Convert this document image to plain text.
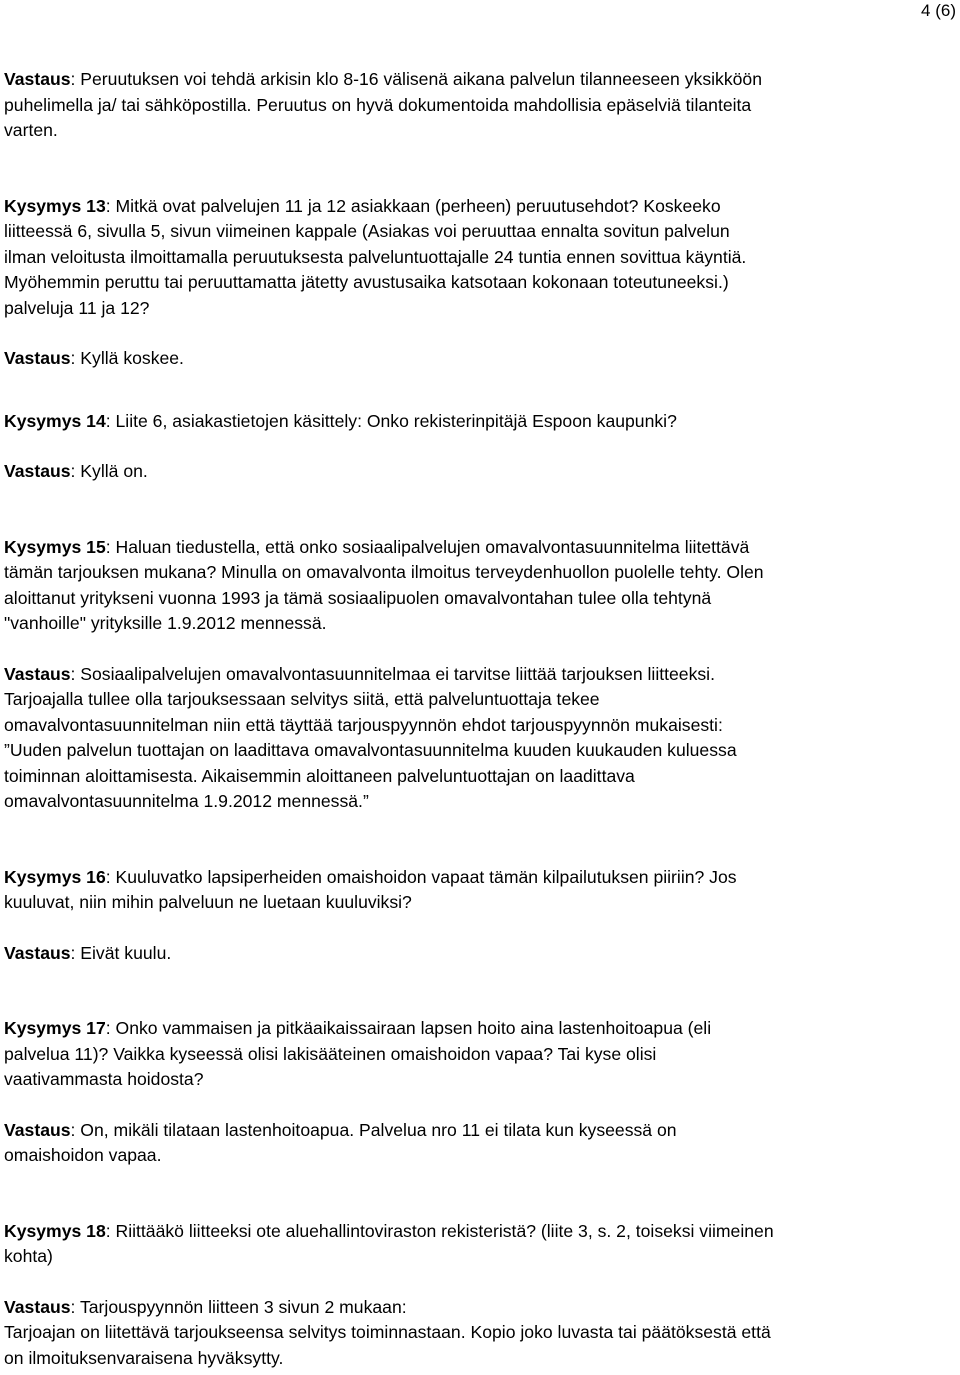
4 (6)
Vastaus: Peruutuksen voi tehdä arkisin klo 8-16 välisenä aikana palvelun tilanneeseen yksikköön
puhelimella ja/ tai sähköpostilla. Peruutus on hyvä dokumentoida mahdollisia epäselviä tilanteita
varten.
Kysymys 13: Mitkä ovat palvelujen 11 ja 12 asiakkaan (perheen) peruutusehdot? Koskeeko
liitteessä 6, sivulla 5, sivun viimeinen kappale (Asiakas voi peruuttaa ennalta sovitun palvelun
ilman veloitusta ilmoittamalla peruutuksesta palveluntuottajalle 24 tuntia ennen sovittua käyntiä.
Myöhemmin peruttu tai peruuttamatta jätetty avustusaika katsotaan kokonaan toteutuneeksi.)
palveluja 11 ja 12?

Vastaus: Kyllä koskee.
Kysymys 14: Liite 6, asiakastietojen käsittely: Onko rekisterinpitäjä Espoon kaupunki?
Vastaus: Kyllä on.
Kysymys 15: Haluan tiedustella, että onko sosiaalipalvelujen omavalvontasuunnitelma liitettävä
tämän tarjouksen mukana? Minulla on omavalvonta ilmoitus terveydenhuollon puolelle tehty. Olen
aloittanut yritykseni vuonna 1993 ja tämä sosiaalipuolen omavalvontahan tulee olla tehtynä
"vanhoille" yrityksille 1.9.2012 mennessä.
Vastaus: Sosiaalipalvelujen omavalvontasuunnitelmaa ei tarvitse liittää tarjouksen liitteeksi.
Tarjoajalla tullee olla tarjouksessaan selvitys siitä, että palveluntuottaja tekee
omavalvontasuunnitelman niin että täyttää tarjouspyynnön ehdot tarjouspyynnön mukaisesti:
”Uuden palvelun tuottajan on laadittava omavalvontasuunnitelma kuuden kuukauden kuluessa
toiminnan aloittamisesta. Aikaisemmin aloittaneen palveluntuottajan on laadittava
omavalvontasuunnitelma 1.9.2012 mennessä.”
Kysymys 16: Kuuluvatko lapsiperheiden omaishoidon vapaat tämän kilpailutuksen piiriin? Jos
kuuluvat, niin mihin palveluun ne luetaan kuuluviksi?
Vastaus: Eivät kuulu.
Kysymys 17: Onko vammaisen ja pitkäaikaissairaan lapsen hoito aina lastenhoitoapua (eli
palvelua 11)? Vaikka kyseessä olisi lakisääteinen omaishoidon vapaa? Tai kyse olisi
vaativammasta hoidosta?
Vastaus: On, mikäli tilataan lastenhoitoapua. Palvelua nro 11 ei tilata kun kyseessä on
omaishoidon vapaa.
Kysymys 18: Riittääkö liitteeksi ote aluehallintoviraston rekisteristä? (liite 3, s. 2, toiseksi viimeinen
kohta)
Vastaus: Tarjouspyynnön liitteen 3 sivun 2 mukaan:
Tarjoajan on liitettävä tarjoukseensa selvitys toiminnastaan. Kopio joko luvasta tai päätöksestä että
on ilmoituksenvaraisena hyväksytty.
